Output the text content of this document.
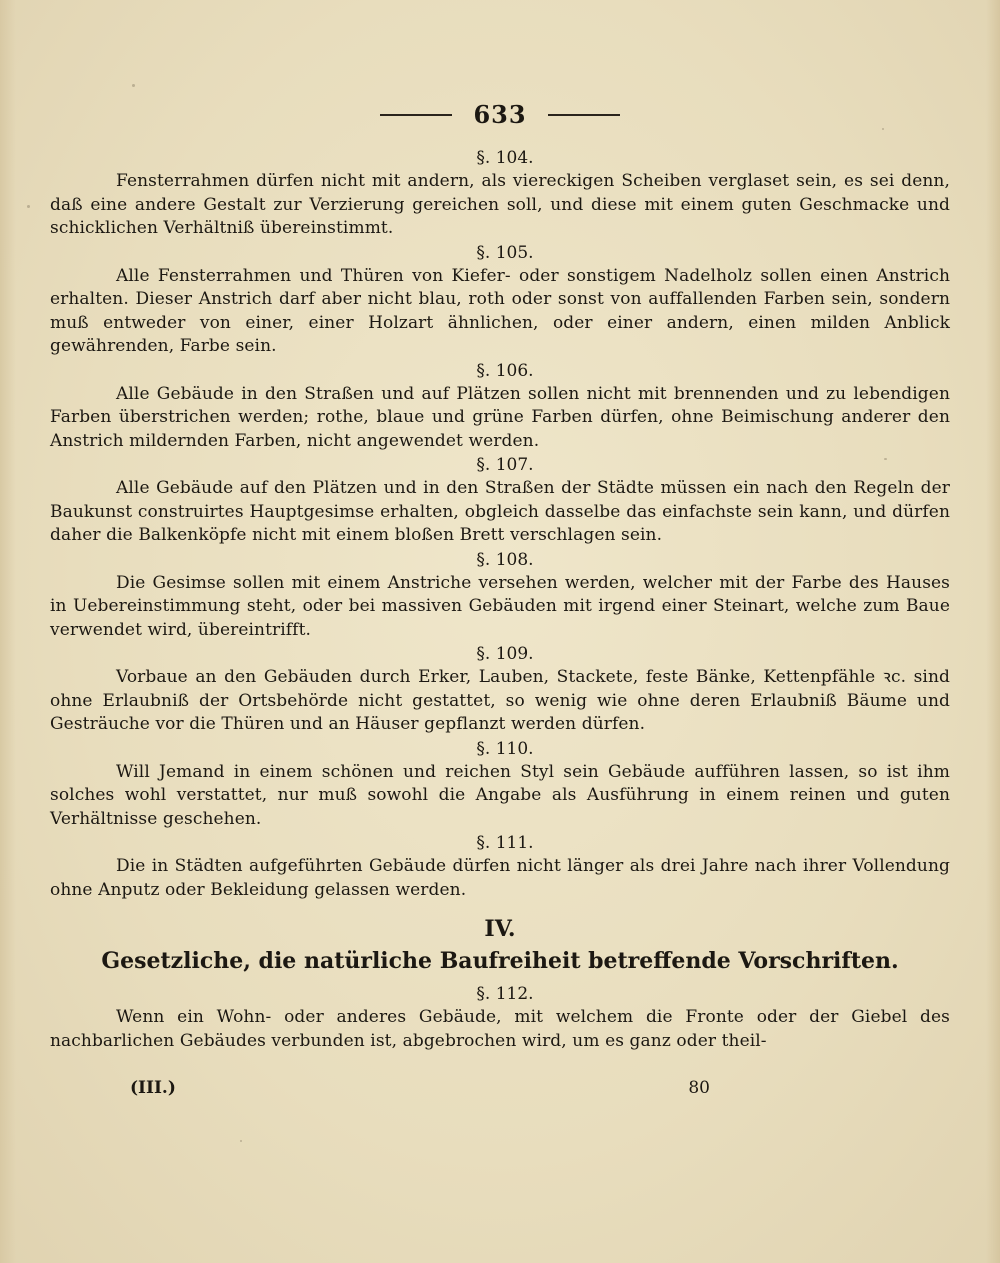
633

§. 104.

Fensterrahmen dürfen nicht mit andern, als viereckigen Scheiben verglaset sein, es sei denn, daß eine andere Gestalt zur Verzierung gereichen soll, und diese mit einem guten Geschmacke und schicklichen Verhältniß übereinstimmt.

§. 105.

Alle Fensterrahmen und Thüren von Kiefer- oder sonstigem Nadelholz sollen einen Anstrich erhalten. Dieser Anstrich darf aber nicht blau, roth oder sonst von auffallenden Farben sein, sondern muß entweder von einer, einer Holzart ähnlichen, oder einer andern, einen milden Anblick gewährenden, Farbe sein.

§. 106.

Alle Gebäude in den Straßen und auf Plätzen sollen nicht mit brennenden und zu lebendigen Farben überstrichen werden; rothe, blaue und grüne Farben dürfen, ohne Beimischung anderer den Anstrich mildernden Farben, nicht angewendet werden.

§. 107.

Alle Gebäude auf den Plätzen und in den Straßen der Städte müssen ein nach den Regeln der Baukunst construirtes Hauptgesimse erhalten, obgleich dasselbe das einfachste sein kann, und dürfen daher die Balkenköpfe nicht mit einem bloßen Brett verschlagen sein.

§. 108.

Die Gesimse sollen mit einem Anstriche versehen werden, welcher mit der Farbe des Hauses in Uebereinstimmung steht, oder bei massiven Gebäuden mit irgend einer Steinart, welche zum Baue verwendet wird, übereintrifft.

§. 109.

Vorbaue an den Gebäuden durch Erker, Lauben, Stackete, feste Bänke, Kettenpfähle ꝛc. sind ohne Erlaubniß der Ortsbehörde nicht gestattet, so wenig wie ohne deren Erlaubniß Bäume und Gesträuche vor die Thüren und an Häuser gepflanzt werden dürfen.

§. 110.

Will Jemand in einem schönen und reichen Styl sein Gebäude aufführen lassen, so ist ihm solches wohl verstattet, nur muß sowohl die Angabe als Ausführung in einem reinen und guten Verhältnisse geschehen.

§. 111.

Die in Städten aufgeführten Gebäude dürfen nicht länger als drei Jahre nach ihrer Vollendung ohne Anputz oder Bekleidung gelassen werden.

IV.

Gesetzliche, die natürliche Baufreiheit betreffende Vorschriften.

§. 112.

Wenn ein Wohn- oder anderes Gebäude, mit welchem die Fronte oder der Giebel des nachbarlichen Gebäudes verbunden ist, abgebrochen wird, um es ganz oder theil-

(III.)	80
